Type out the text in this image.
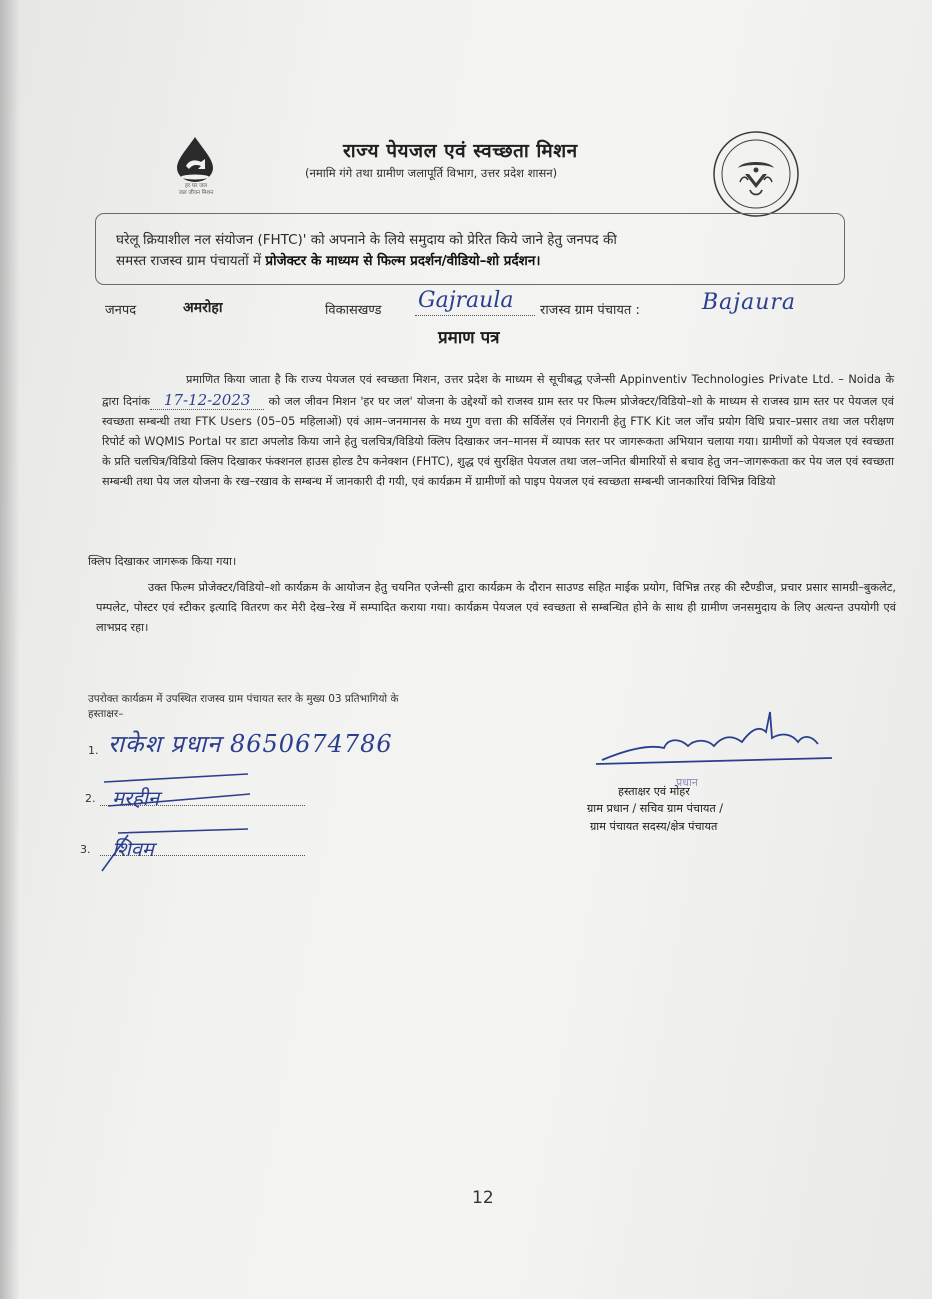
हर घर जल
जल जीवन मिशन
राज्य पेयजल एवं स्वच्छता मिशन
(नमामि गंगे तथा ग्रामीण जलापूर्ति विभाग, उत्तर प्रदेश शासन)
घरेलू क्रियाशील नल संयोजन (FHTC)' को अपनाने के लिये समुदाय को प्रेरित किये जाने हेतु जनपद की
समस्त राजस्व ग्राम पंचायतों में प्रोजेक्टर के माध्यम से फिल्म प्रदर्शन/वीडियो–शो प्रर्दशन।
जनपद	अमरोहा	विकासखण्ड Gajraula राजस्व ग्राम पंचायत :	Bajaura
प्रमाण पत्र

प्रमाणित किया जाता है कि राज्य पेयजल एवं स्वच्छता मिशन, उत्तर प्रदेश के माध्यम से सूचीबद्ध एजेन्सी Appinventiv Technologies Private Ltd. – Noida के द्वारा दिनांक 17-12-2023 को जल जीवन मिशन 'हर घर जल' योजना के उद्देश्यों को राजस्व ग्राम स्तर पर फिल्म प्रोजेक्टर/विडियो–शो के माध्यम से राजस्व ग्राम स्तर पर पेयजल एवं स्वच्छता सम्बन्धी तथा FTK Users (05–05 महिलाओं) एवं आम–जनमानस के मध्य गुण वत्ता की सर्विलेंस एवं निगरानी हेतु FTK Kit जल जाँच प्रयोग विधि प्रचार–प्रसार तथा जल परीक्षण रिपोर्ट को WQMIS Portal पर डाटा अपलोड किया जाने हेतु चलचित्र/विडियो क्लिप दिखाकर जन–मानस में व्यापक स्तर पर जागरूकता अभियान चलाया गया। ग्रामीणों को पेयजल एवं स्वच्छता के प्रति चलचित्र/विडियो क्लिप दिखाकर फंक्शनल हाउस होल्ड टैप कनेक्शन (FHTC), शुद्ध एवं सुरक्षित पेयजल तथा जल–जनित बीमारियों से बचाव हेतु जन–जागरूकता कर पेय जल एवं स्वच्छता सम्बन्धी तथा पेय जल योजना के रख–रखाव के सम्बन्ध में जानकारी दी गयी, एवं कार्यक्रम में ग्रामीणों को पाइप पेयजल एवं स्वच्छता सम्बन्धी जानकारियां विभिन्न विडियो

क्लिप दिखाकर जागरूक किया गया।

उक्त फिल्म प्रोजेक्टर/विडियो–शो कार्यक्रम के आयोजन हेतु चयनित एजेन्सी द्वारा कार्यक्रम के दौरान साउण्ड सहित माईक प्रयोग, विभिन्न तरह की स्टैण्डीज, प्रचार प्रसार सामग्री–बुकलेट, पम्पलेट, पोस्टर एवं स्टीकर इत्यादि वितरण कर मेरी देख–रेख में सम्पादित कराया गया। कार्यक्रम पेयजल एवं स्वच्छता से सम्बन्धित होने के साथ ही ग्रामीण जनसमुदाय के लिए अत्यन्त उपयोगी एवं लाभप्रद रहा।

उपरोक्त कार्यक्रम में उपस्थित राजस्व ग्राम पंचायत स्तर के मुख्य 03 प्रतिभागियो के
हस्ताक्षर–
1. राकेश प्रधान 8650674786
2. मरहीन
3. शिवम
प्रधान
हस्ताक्षर एवं मोहर
ग्राम प्रधान / सचिव ग्राम पंचायत /
ग्राम पंचायत सदस्य/क्षेत्र पंचायत
12
